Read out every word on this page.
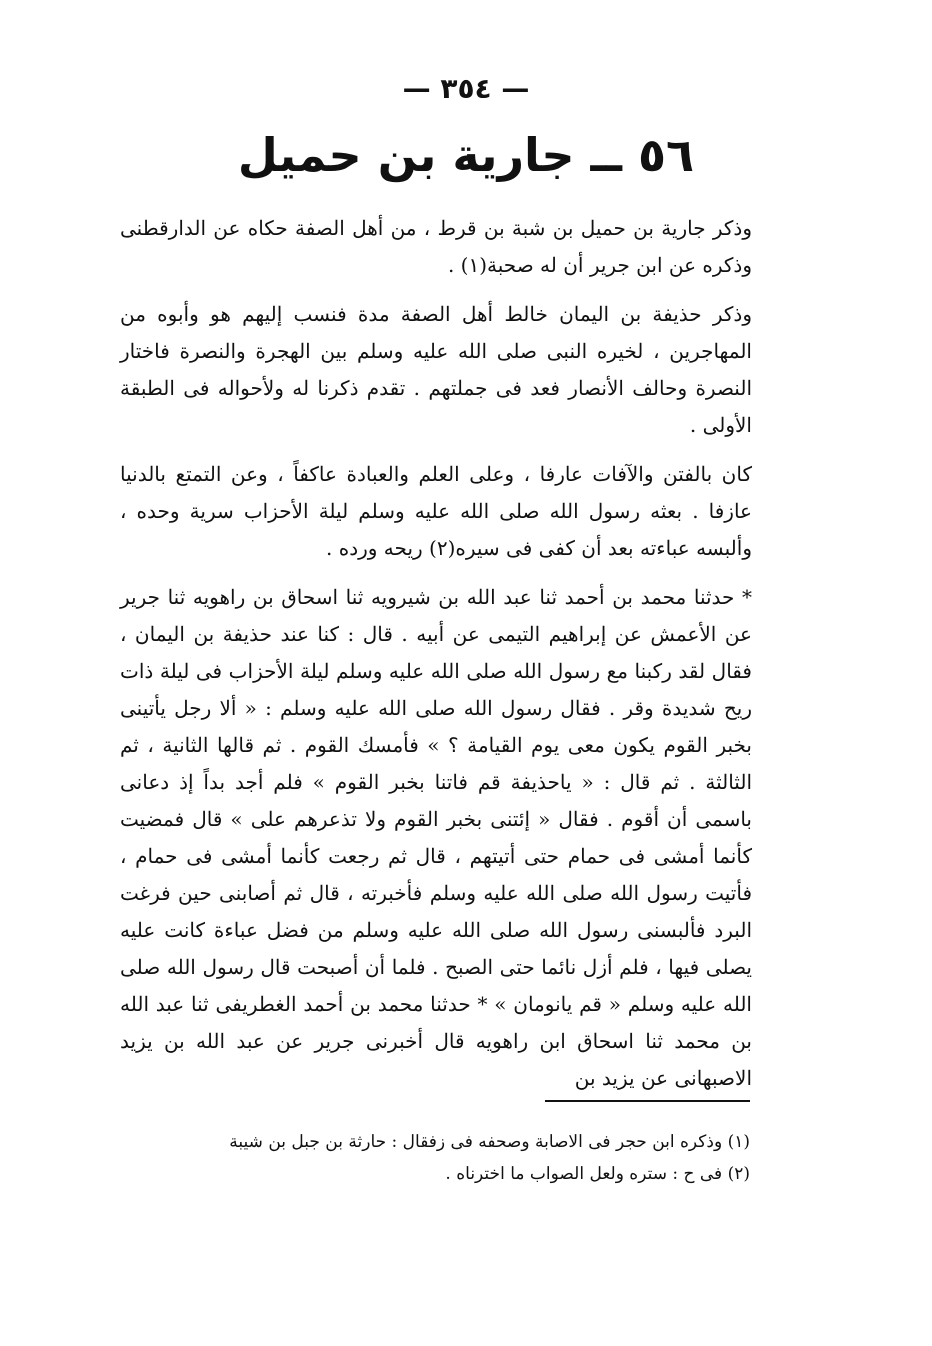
— ٣٥٤ —
٥٦ ــ جارية بن حميل

وذكر جارية بن حميل بن شبة بن قرط ، من أهل الصفة حكاه عن الدارقطنى وذكره عن ابن جرير أن له صحبة(١) .

وذكر حذيفة بن اليمان خالط أهل الصفة مدة فنسب إليهم هو وأبوه من المهاجرين ، لخيره النبى صلى الله عليه وسلم بين الهجرة والنصرة فاختار النصرة وحالف الأنصار فعد فى جملتهم . تقدم ذكرنا له ولأحواله فى الطبقة الأولى .

كان بالفتن والآفات عارفا ، وعلى العلم والعبادة عاكفاً ، وعن التمتع بالدنيا عازفا . بعثه رسول الله صلى الله عليه وسلم ليلة الأحزاب سرية وحده ، وألبسه عباءته بعد أن كفى فى سيره(٢) ريحه ورده .

* حدثنا محمد بن أحمد ثنا عبد الله بن شيرويه ثنا اسحاق بن راهويه ثنا جرير عن الأعمش عن إبراهيم التيمى عن أبيه . قال : كنا عند حذيفة بن اليمان ، فقال لقد ركبنا مع رسول الله صلى الله عليه وسلم ليلة الأحزاب فى ليلة ذات ريح شديدة وقر . فقال رسول الله صلى الله عليه وسلم : « ألا رجل يأتينى بخبر القوم يكون معى يوم القيامة ؟ » فأمسك القوم . ثم قالها الثانية ، ثم الثالثة . ثم قال : « ياحذيفة قم فاتنا بخبر القوم » فلم أجد بداً إذ دعانى باسمى أن أقوم . فقال « إئتنى بخبر القوم ولا تذعرهم على » قال فمضيت كأنما أمشى فى حمام حتى أتيتهم ، قال ثم رجعت كأنما أمشى فى حمام ، فأتيت رسول الله صلى الله عليه وسلم فأخبرته ، قال ثم أصابنى حين فرغت البرد فألبسنى رسول الله صلى الله عليه وسلم من فضل عباءة كانت عليه يصلى فيها ، فلم أزل نائما حتى الصبح . فلما أن أصبحت قال رسول الله صلى الله عليه وسلم « قم يانومان » * حدثنا محمد بن أحمد الغطريفى ثنا عبد الله بن محمد ثنا اسحاق ابن راهويه قال أخبرنى جرير عن عبد الله بن يزيد الاصبهانى عن يزيد بن

(١) وذكره ابن حجر فى الاصابة وصحفه فى زفقال : حارثة بن جبل بن شيبة

(٢) فى ح : ستره ولعل الصواب ما اخترناه .
